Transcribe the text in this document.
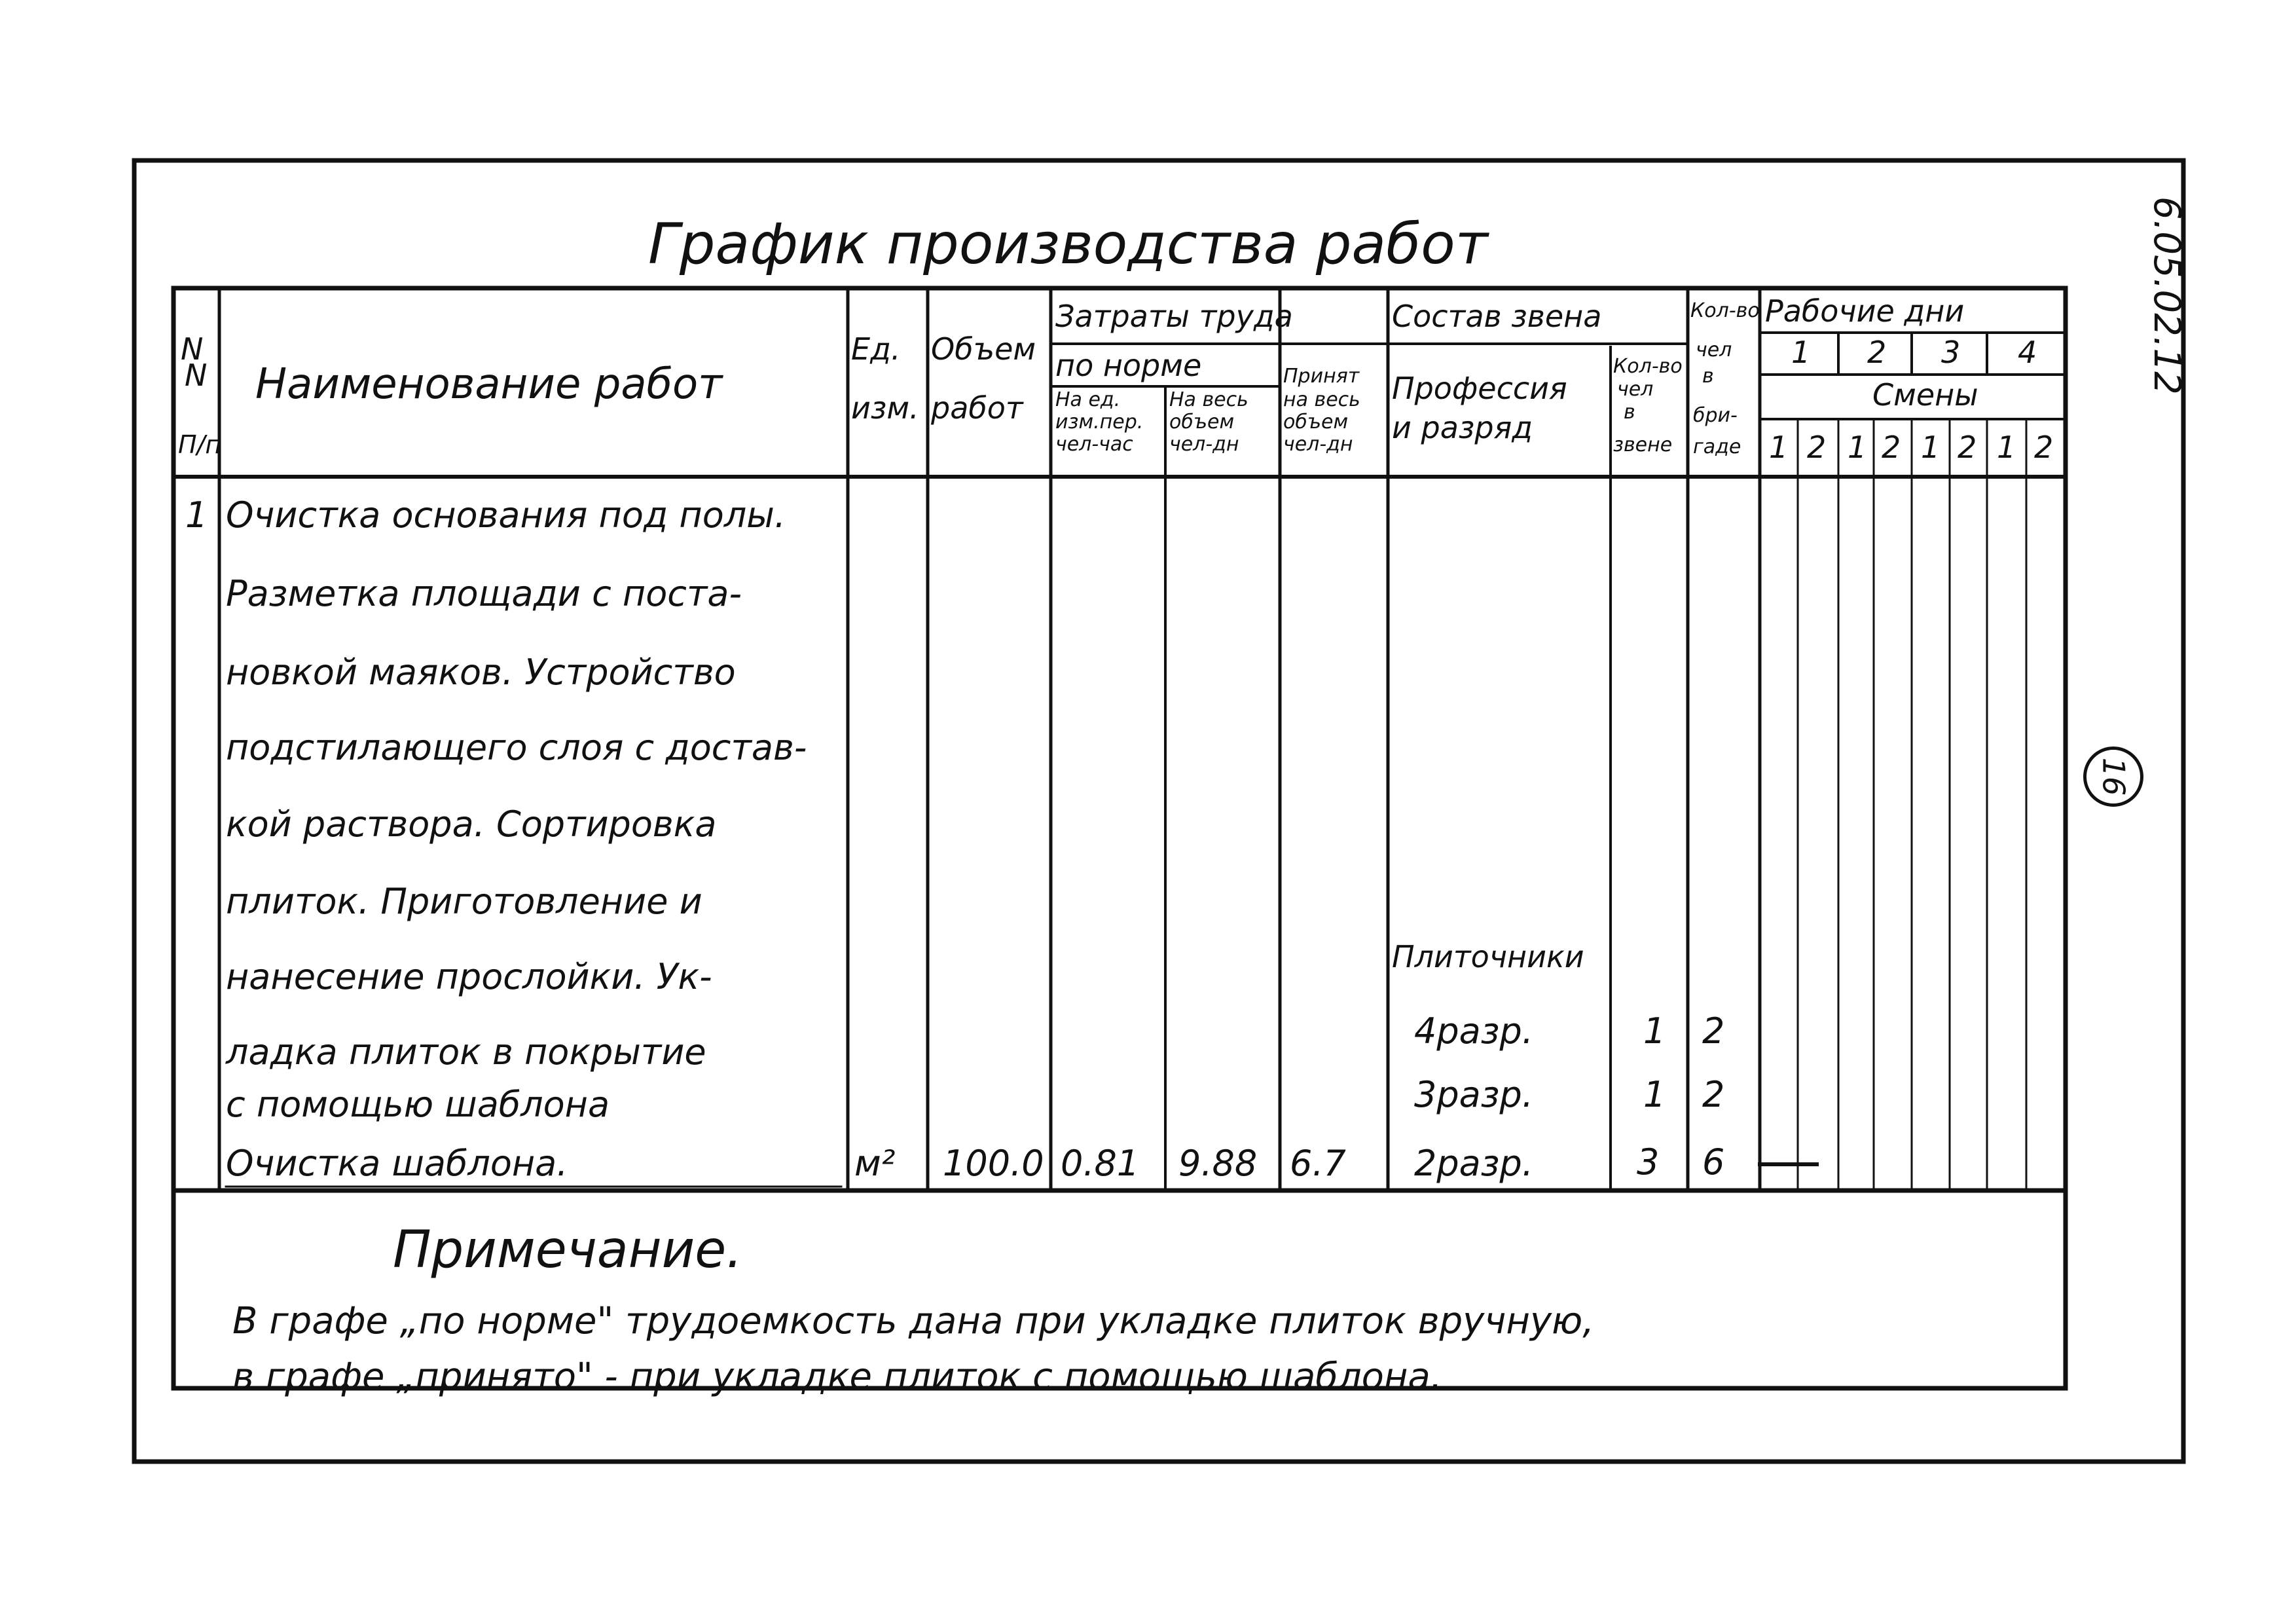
График производства работ	6.05.02.12
16
N
N
П/п
Наименование работ
Ед.
изм.
Объем
работ
Затраты труда
по норме
На ед.
изм.пер.
чел-час
На весь
объем
чел-дн
Принят
на весь
объем
чел-дн
Состав звена
Профессия
и разряд
Кол-во
чел
в
звене
Кол-во
чел
в
бри-
гаде
Рабочие дни
1 2 3 4
Смены
1 2 1 2 1 2 1 2
1 Очистка основания под полы.
Разметка площади с поста-
новкой маяков. Устройство
подстилающего слоя с достав-
кой раствора. Сортировка
плиток. Приготовление и
нанесение прослойки. Ук-
ладка плиток в покрытие
с помощью шаблона
Очистка шаблона.	м² 100.0 0.81 9.88 6.7
Плиточники
4разр.
3разр.
2разр.
1
1
3
2
2
6
Примечание.
В графе „по норме" трудоемкость дана при укладке плиток вручную,
в графе „принято" - при укладке плиток с помощью шаблона.
